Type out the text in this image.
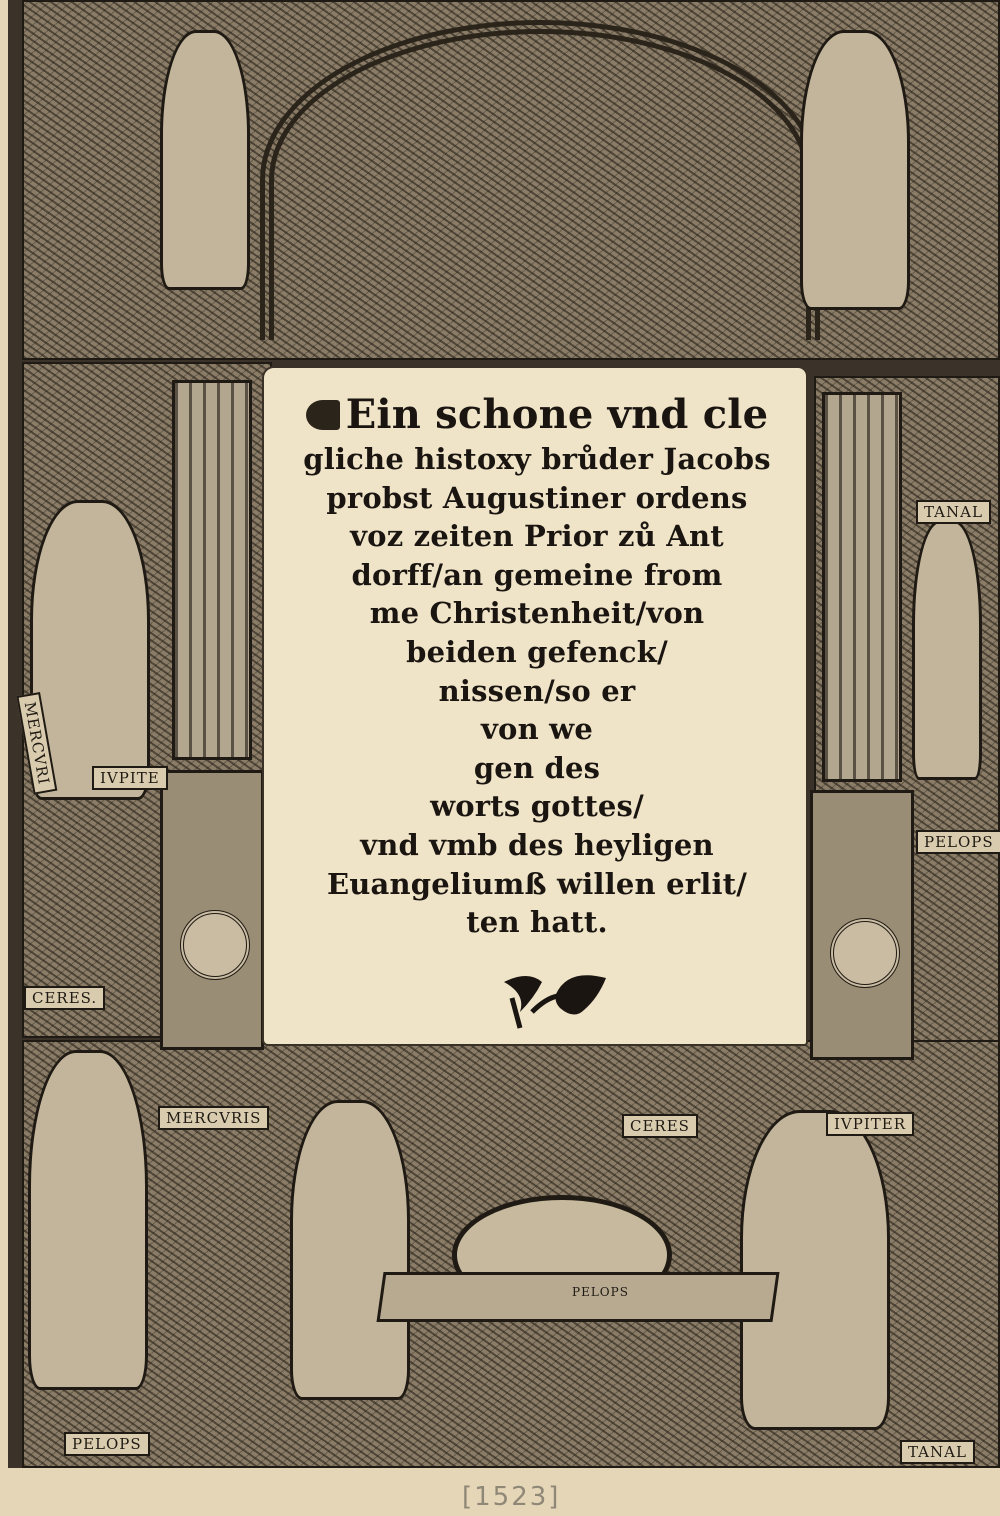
MERCVRI	IVPITE
CERES.
TANAL
PELOPS
MERCVRIS	CERES	IVPITER
PELOPS
PELOPS	TANAL
Ein schone vnd cle
gliche histoxy brůder Jacobs
probst Augustiner ordens
voz zeiten Prior zů Ant
dorff/an gemeine from
me Christenheit/von
beiden gefenck/
nissen/so er
von we
gen des
worts gottes/
vnd vmb des heyligen
Euangeliumß willen erlit/
ten hatt.
[1523]
